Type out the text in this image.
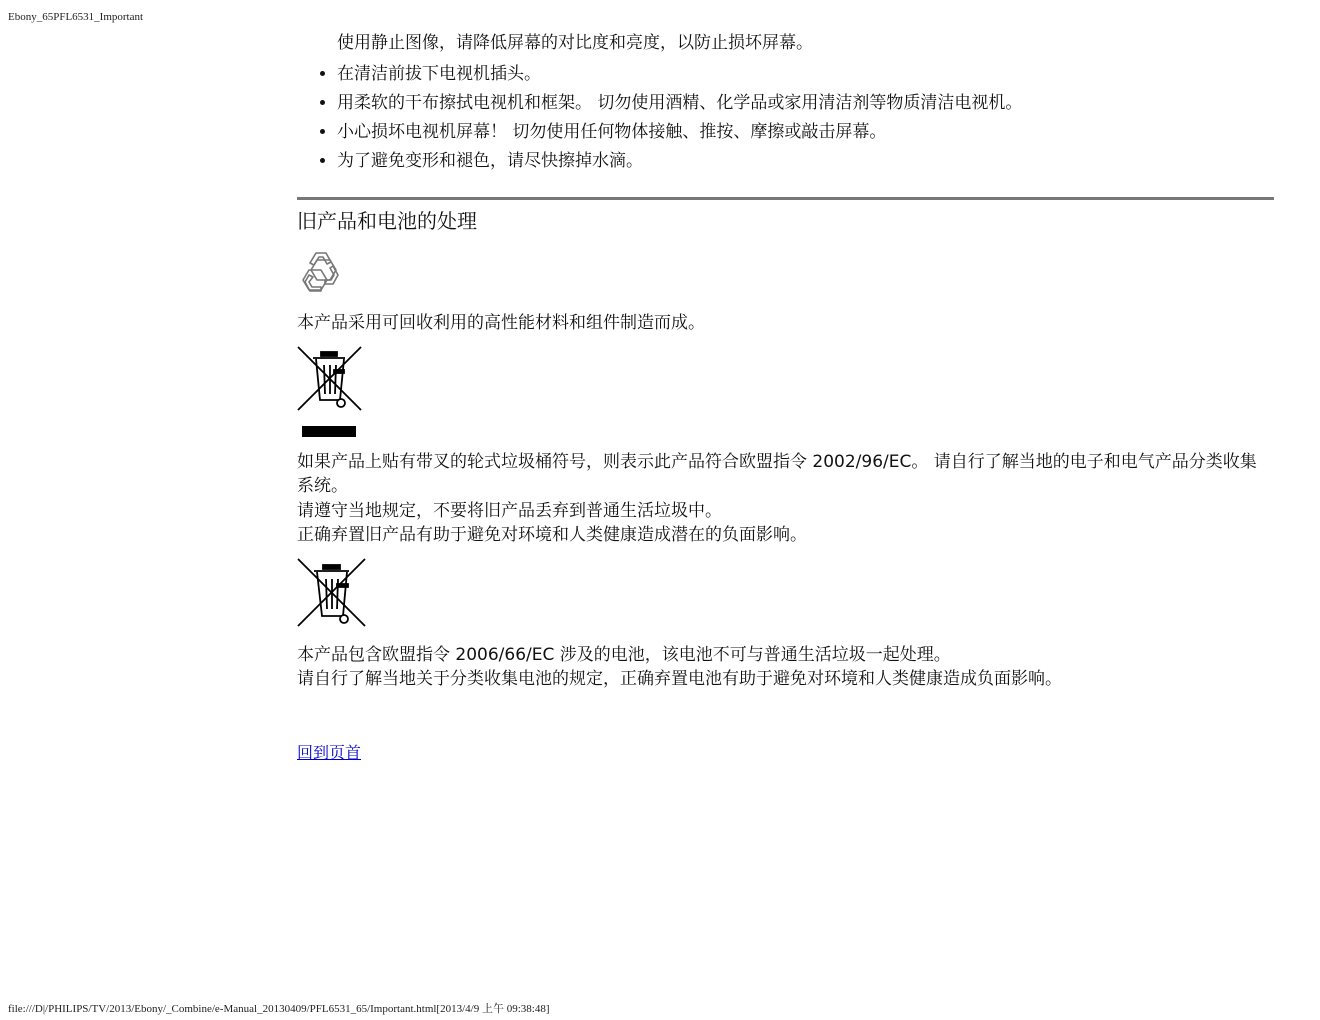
Ebony_65PFL6531_Important
使用静止图像，请降低屏幕的对比度和亮度，以防止损坏屏幕。
• 在清洁前拔下电视机插头。
• 用柔软的干布擦拭电视机和框架。 切勿使用酒精、化学品或家用清洁剂等物质清洁电视机。
• 小心损坏电视机屏幕！ 切勿使用任何物体接触、推按、摩擦或敲击屏幕。
• 为了避免变形和褪色，请尽快擦掉水滴。
旧产品和电池的处理
本产品采用可回收利用的高性能材料和组件制造而成。
如果产品上贴有带叉的轮式垃圾桶符号，则表示此产品符合欧盟指令 2002/96/EC。 请自行了解当地的电子和电气产品分类收集系统。
请遵守当地规定，不要将旧产品丢弃到普通生活垃圾中。
正确弃置旧产品有助于避免对环境和人类健康造成潜在的负面影响。
本产品包含欧盟指令 2006/66/EC 涉及的电池，该电池不可与普通生活垃圾一起处理。
请自行了解当地关于分类收集电池的规定，正确弃置电池有助于避免对环境和人类健康造成负面影响。
回到页首
file:///D|/PHILIPS/TV/2013/Ebony/_Combine/e-Manual_20130409/PFL6531_65/Important.html[2013/4/9 上午 09:38:48]
